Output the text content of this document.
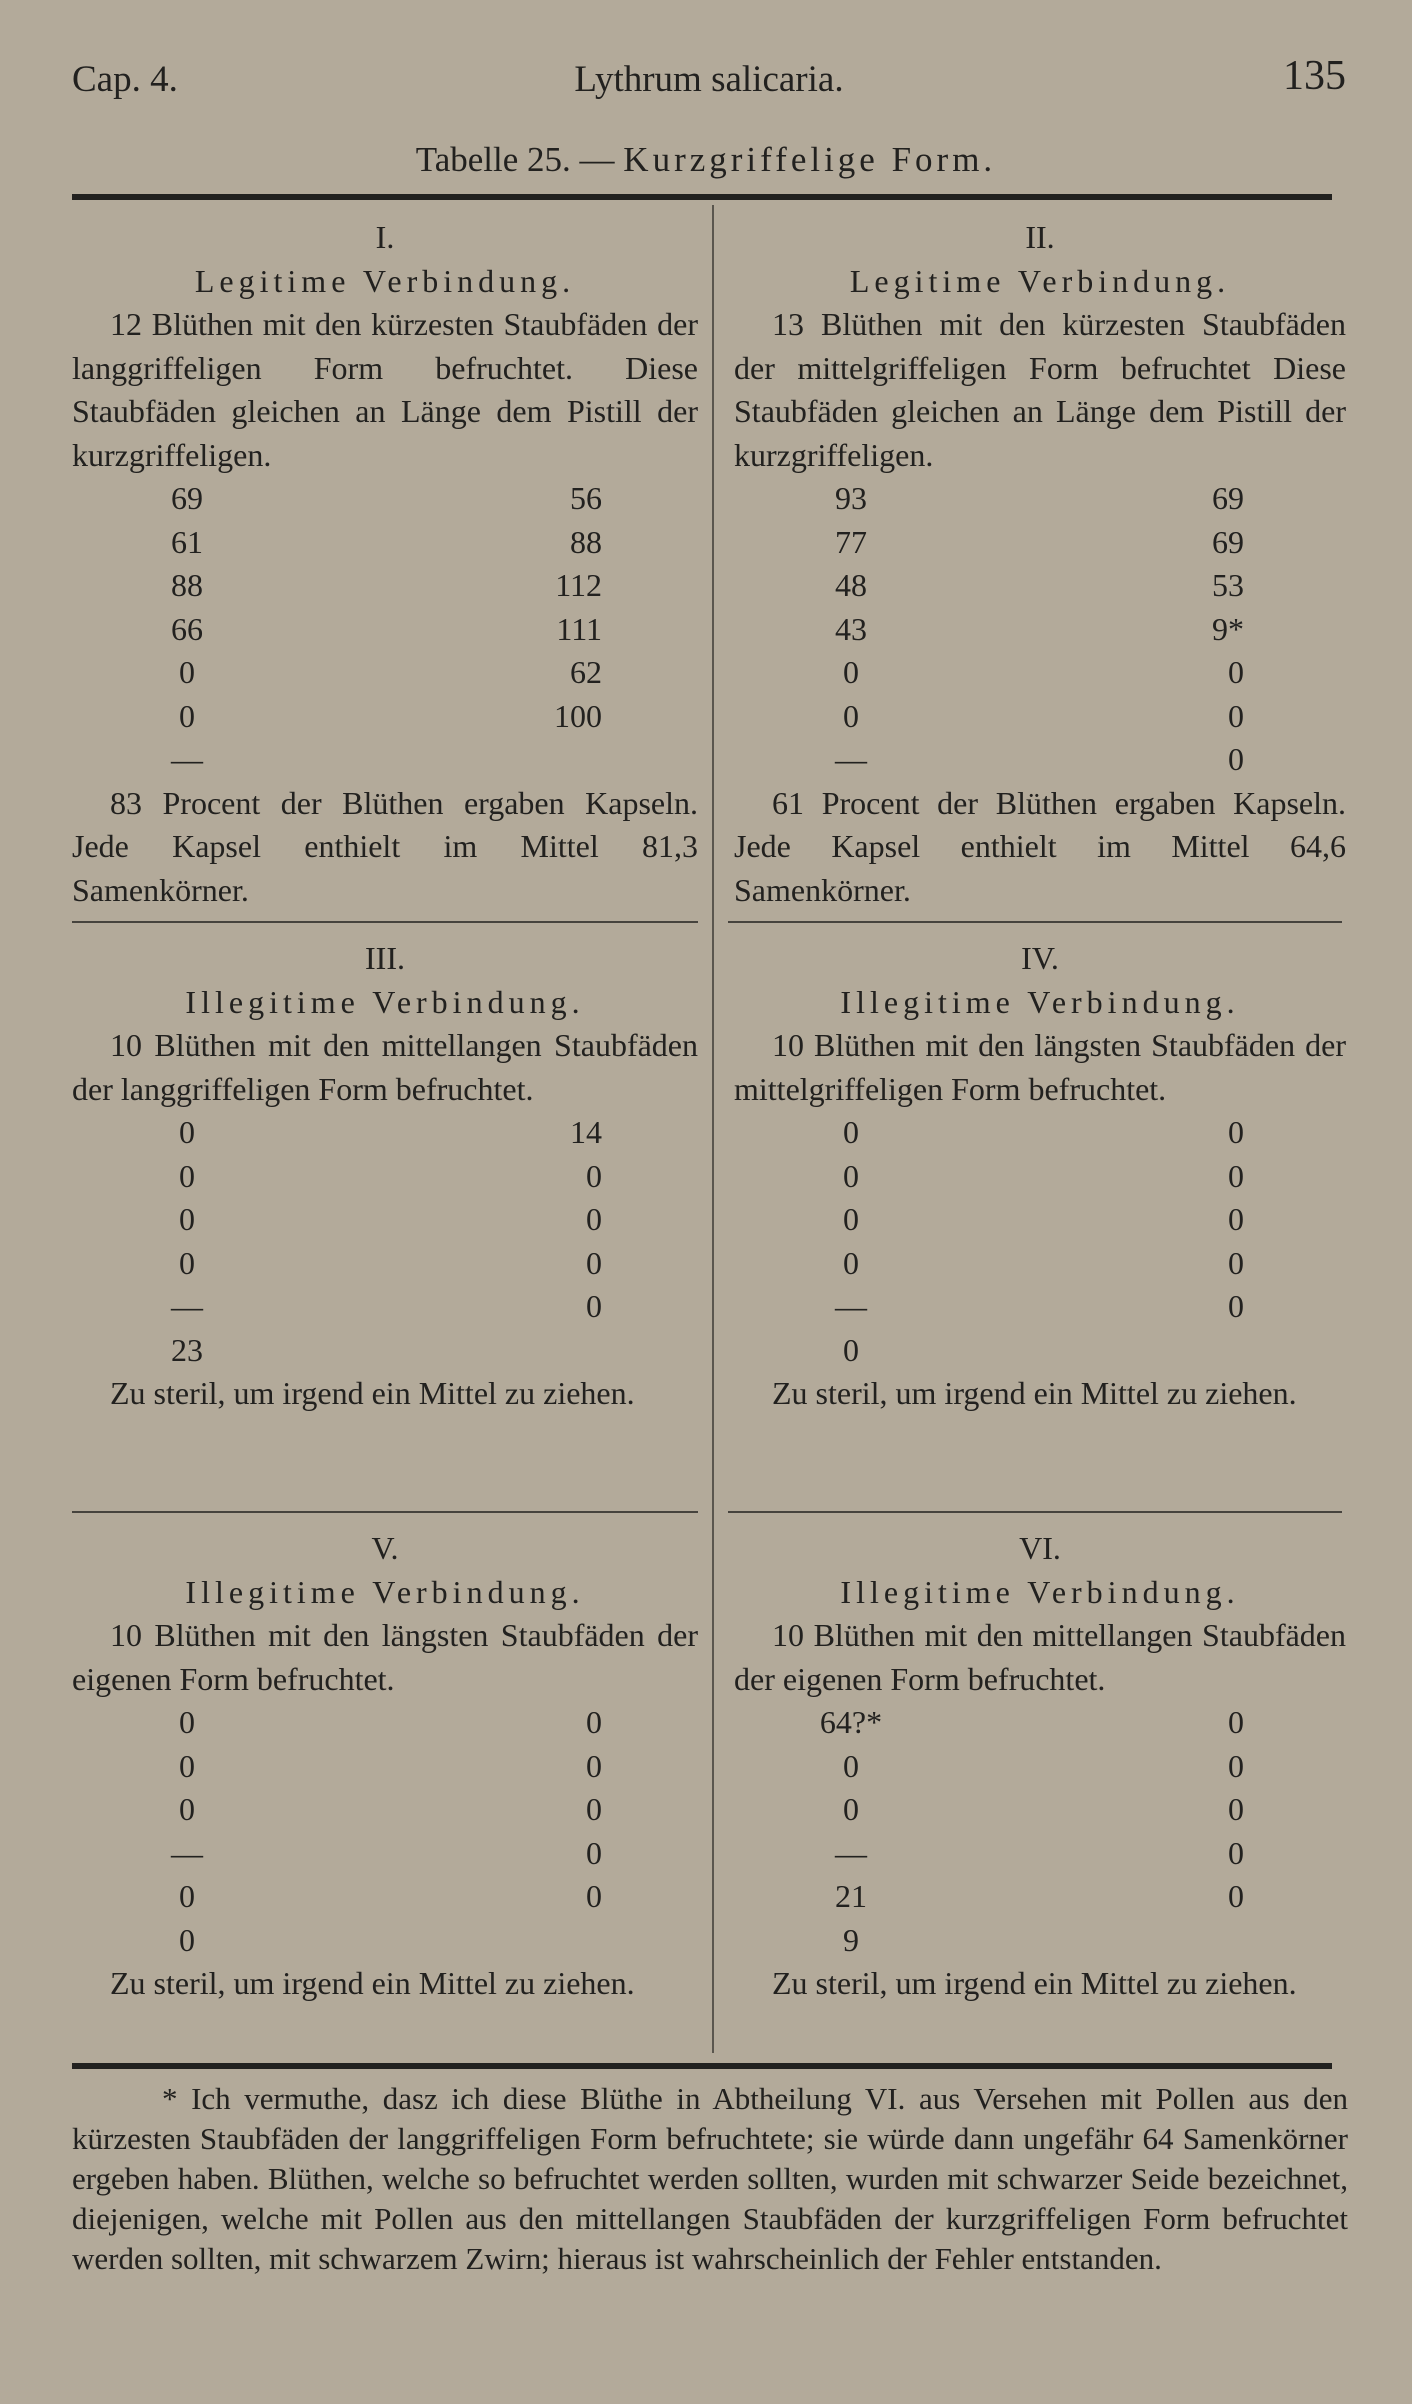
Cap. 4.	Lythrum salicaria.	135
Tabelle 25. — Kurzgriffelige Form.
I.
Legitime Verbindung.
12 Blüthen mit den kürzesten Staubfäden der langgriffeligen Form befruchtet. Diese Staubfäden gleichen an Länge dem Pistill der kurzgriffeligen.
69	56
61	88
88	112
66	111
0	62
0	100
—
83 Procent der Blüthen ergaben Kapseln. Jede Kapsel enthielt im Mittel 81,3 Samenkörner.
II.
Legitime Verbindung.
13 Blüthen mit den kürzesten Staubfäden der mittelgriffeligen Form befruchtet Diese Staubfäden gleichen an Länge dem Pistill der kurzgriffeligen.
93	69
77	69
48	53
43	9*
0	0
0	0
—	0
61 Procent der Blüthen ergaben Kapseln. Jede Kapsel enthielt im Mittel 64,6 Samenkörner.
III.
Illegitime Verbindung.
10 Blüthen mit den mittellangen Staubfäden der langgriffeligen Form befruchtet.
0	14
0	0
0	0
0	0
—	0
23
Zu steril, um irgend ein Mittel zu ziehen.
IV.
Illegitime Verbindung.
10 Blüthen mit den längsten Staubfäden der mittelgriffeligen Form befruchtet.
0	0
0	0
0	0
0	0
—	0
0
Zu steril, um irgend ein Mittel zu ziehen.
V.
Illegitime Verbindung.
10 Blüthen mit den längsten Staubfäden der eigenen Form befruchtet.
0	0
0	0
0	0
—	0
0	0
0
Zu steril, um irgend ein Mittel zu ziehen.
VI.
Illegitime Verbindung.
10 Blüthen mit den mittellangen Staubfäden der eigenen Form befruchtet.
64?*	0
0	0
0	0
—	0
21	0
9
Zu steril, um irgend ein Mittel zu ziehen.
* Ich vermuthe, dasz ich diese Blüthe in Abtheilung VI. aus Versehen mit Pollen aus den kürzesten Staubfäden der langgriffeligen Form befruchtete; sie würde dann ungefähr 64 Samenkörner ergeben haben. Blüthen, welche so befruchtet werden sollten, wurden mit schwarzer Seide bezeichnet, diejenigen, welche mit Pollen aus den mittellangen Staubfäden der kurzgriffeligen Form befruchtet werden sollten, mit schwarzem Zwirn; hieraus ist wahrscheinlich der Fehler entstanden.
